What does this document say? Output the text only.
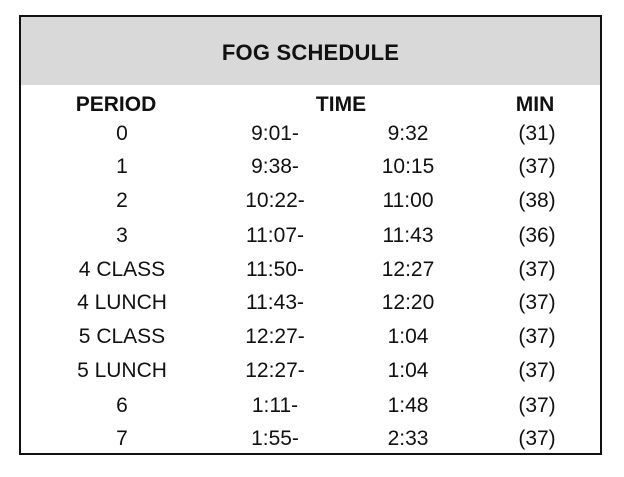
FOG SCHEDULE
PERIOD	TIME	MIN
0	9:01-	9:32	(31)
1	9:38-	10:15	(37)
2	10:22-	11:00	(38)
3	11:07-	11:43	(36)
4 CLASS	11:50-	12:27	(37)
4 LUNCH	11:43-	12:20	(37)
5 CLASS	12:27-	1:04	(37)
5 LUNCH	12:27-	1:04	(37)
6	1:11-	1:48	(37)
7	1:55-	2:33	(37)
